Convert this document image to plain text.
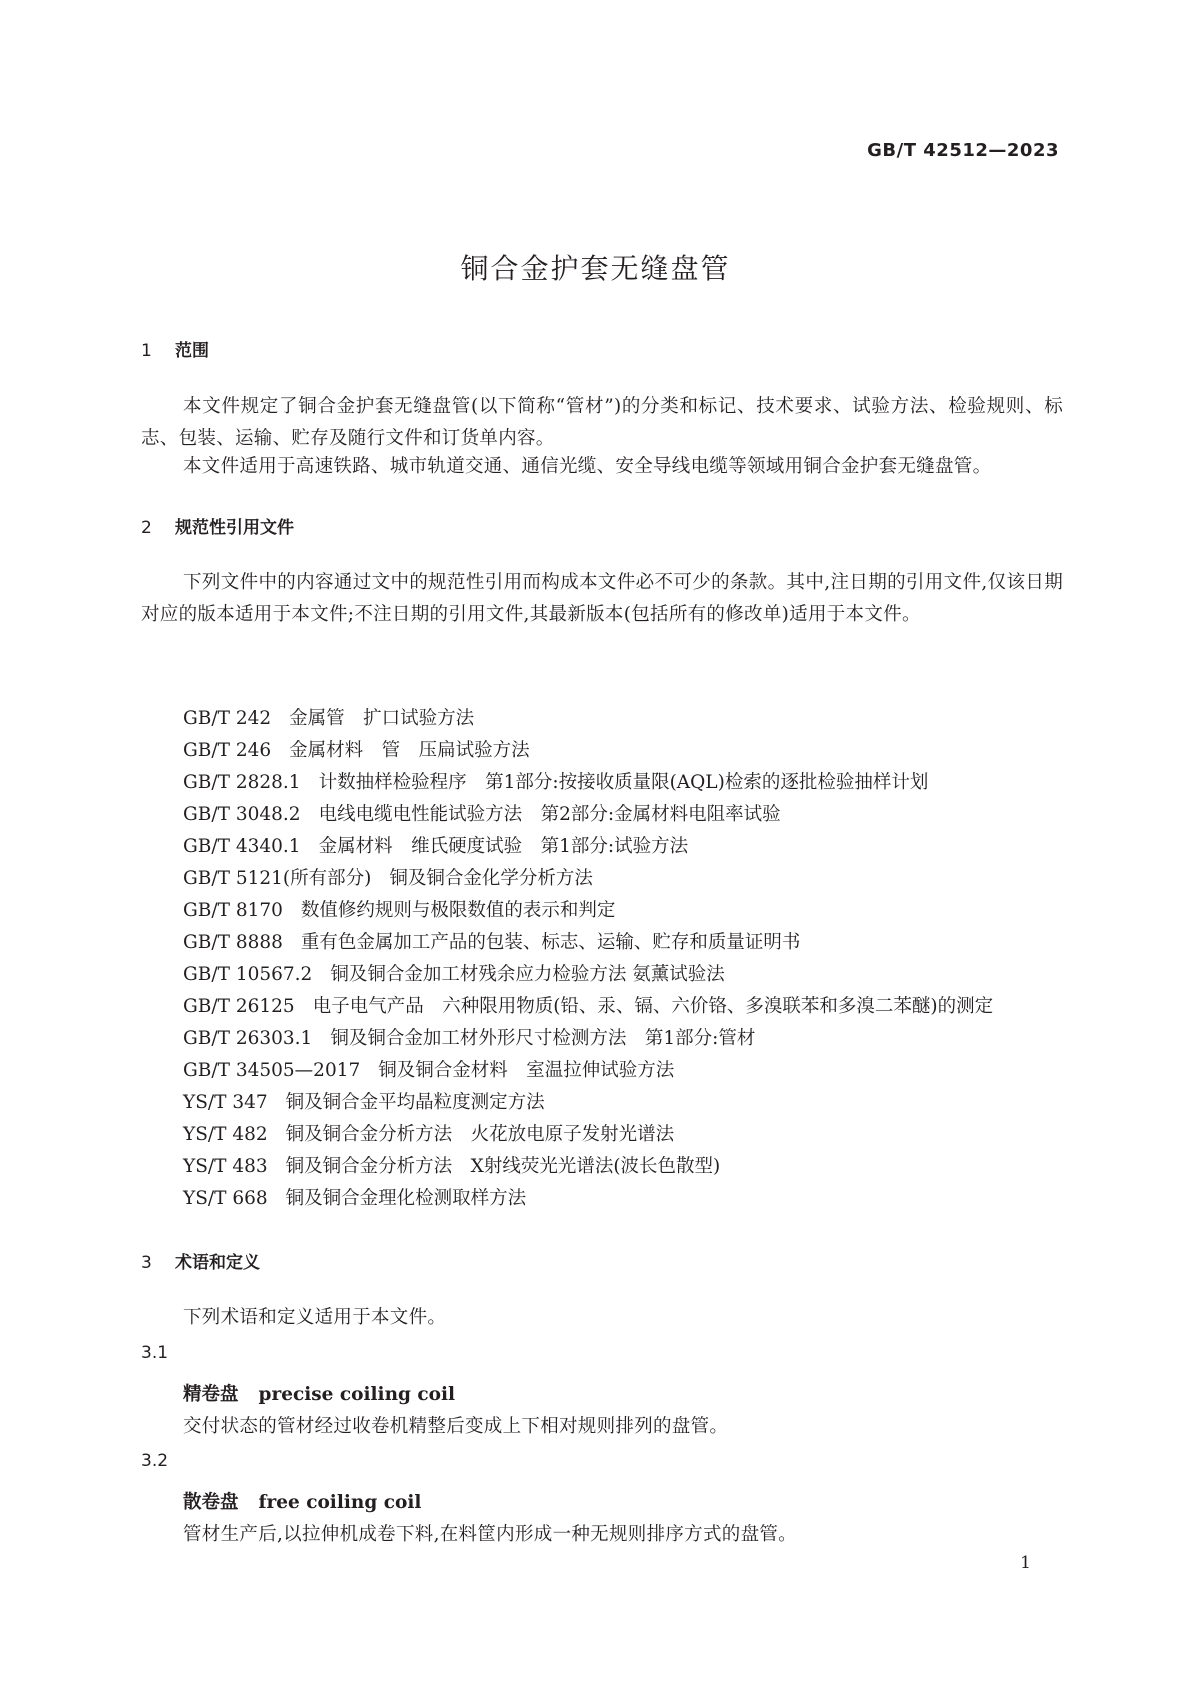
GB/T 42512—2023
铜合金护套无缝盘管
1 范围
本文件规定了铜合金护套无缝盘管(以下简称“管材”)的分类和标记、技术要求、试验方法、检验规则、标志、包装、运输、贮存及随行文件和订货单内容。
本文件适用于高速铁路、城市轨道交通、通信光缆、安全导线电缆等领域用铜合金护套无缝盘管。
2 规范性引用文件
下列文件中的内容通过文中的规范性引用而构成本文件必不可少的条款。其中,注日期的引用文件,仅该日期对应的版本适用于本文件;不注日期的引用文件,其最新版本(包括所有的修改单)适用于本文件。
GB/T 242 金属管　扩口试验方法
GB/T 246 金属材料　管　压扁试验方法
GB/T 2828.1 计数抽样检验程序　第1部分:按接收质量限(AQL)检索的逐批检验抽样计划
GB/T 3048.2 电线电缆电性能试验方法　第2部分:金属材料电阻率试验
GB/T 4340.1 金属材料　维氏硬度试验　第1部分:试验方法
GB/T 5121(所有部分) 铜及铜合金化学分析方法
GB/T 8170 数值修约规则与极限数值的表示和判定
GB/T 8888 重有色金属加工产品的包装、标志、运输、贮存和质量证明书
GB/T 10567.2 铜及铜合金加工材残余应力检验方法 氨薰试验法
GB/T 26125 电子电气产品　六种限用物质(铅、汞、镉、六价铬、多溴联苯和多溴二苯醚)的测定
GB/T 26303.1 铜及铜合金加工材外形尺寸检测方法　第1部分:管材
GB/T 34505—2017 铜及铜合金材料　室温拉伸试验方法
YS/T 347 铜及铜合金平均晶粒度测定方法
YS/T 482 铜及铜合金分析方法　火花放电原子发射光谱法
YS/T 483 铜及铜合金分析方法　X射线荧光光谱法(波长色散型)
YS/T 668 铜及铜合金理化检测取样方法
3 术语和定义
下列术语和定义适用于本文件。
3.1
精卷盘 precise coiling coil
交付状态的管材经过收卷机精整后变成上下相对规则排列的盘管。
3.2
散卷盘 free coiling coil
管材生产后,以拉伸机成卷下料,在料筐内形成一种无规则排序方式的盘管。
1
